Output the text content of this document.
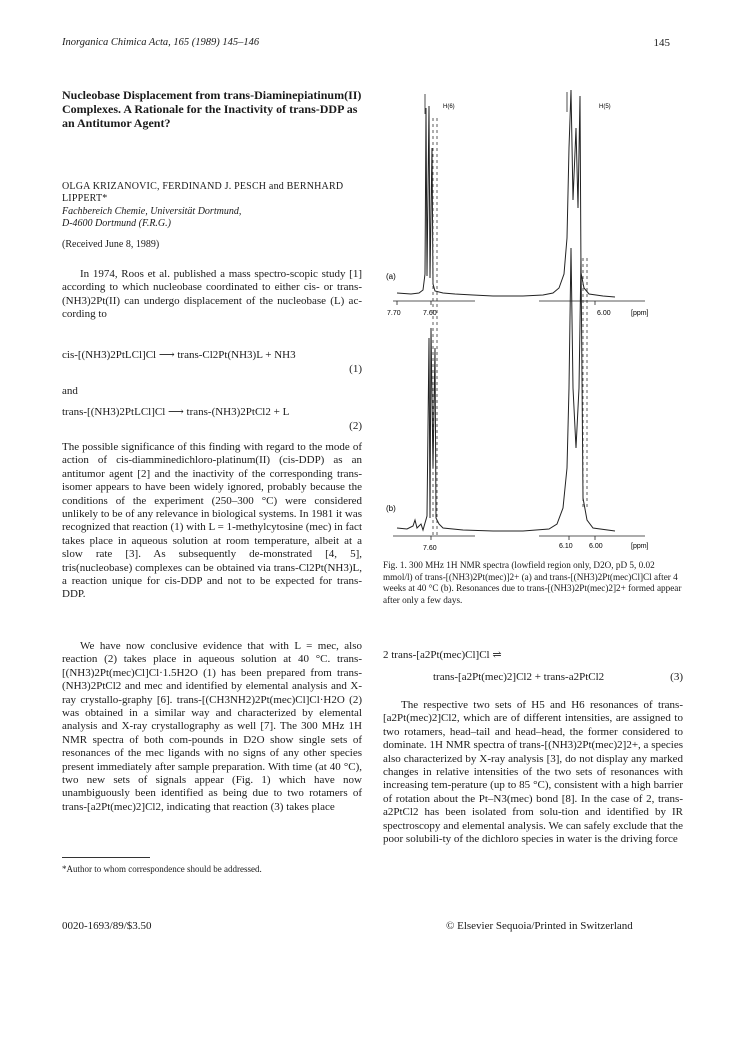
Inorganica Chimica Acta, 165 (1989) 145–146	145
Nucleobase Displacement from trans-Diaminepiatinum(II) Complexes. A Rationale for the Inactivity of trans-DDP as an Antitumor Agent?
OLGA KRIZANOVIC, FERDINAND J. PESCH and BERNHARD LIPPERT*
Fachbereich Chemie, Universität Dortmund,
D-4600 Dortmund (F.R.G.)
(Received June 8, 1989)
In 1974, Roos et al. published a mass spectro-scopic study [1] according to which nucleobase coordinated to either cis- or trans-(NH3)2Pt(II) can undergo displacement of the nucleobase (L) ac-cording to
cis-[(NH3)2PtLCl]Cl ⟶ trans-Cl2Pt(NH3)L + NH3
(1)
and
trans-[(NH3)2PtLCl]Cl ⟶ trans-(NH3)2PtCl2 + L
(2)
The possible significance of this finding with regard to the mode of action of cis-diamminedichloro-platinum(II) (cis-DDP) as an antitumor agent [2] and the inactivity of the corresponding trans-isomer appears to have been widely ignored, probably because the conditions of the experiment (250–300 °C) were considered unlikely to be of any relevance in biological systems. In 1981 it was recognized that reaction (1) with L = 1-methylcytosine (mec) in fact takes place in aqueous solution at room temperature, albeit at a slow rate [3]. As subsequently de-monstrated [4, 5], tris(nucleobase) complexes can be obtained via trans-Cl2Pt(NH3)L, a reaction unique for cis-DDP and not to be expected for trans-DDP.
We have now conclusive evidence that with L = mec, also reaction (2) takes place in aqueous solution at 40 °C. trans-[(NH3)2Pt(mec)Cl]Cl·1.5H2O (1) has been prepared from trans-(NH3)2PtCl2 and mec and identified by elemental analysis and X-ray crystallo-graphy [6]. trans-[(CH3NH2)2Pt(mec)Cl]Cl·H2O (2) was obtained in a similar way and characterized by elemental analysis and X-ray crystallography as well [7]. The 300 MHz 1H NMR spectra of both com-pounds in D2O show single sets of resonances of the mec ligands with no signs of any other species present immediately after sample preparation. With time (at 40 °C), two new sets of signals appear (Fig. 1) which have now unambiguously been identified as being due to two rotamers of trans-[a2Pt(mec)2]Cl2, indicating that reaction (3) takes place
*Author to whom correspondence should be addressed.
0020-1693/89/$3.50
H(6)	H(5)
(a)
7.70	7.60	6.00	[ppm]
(b)
7.60	6.10 6.00	[ppm]
Fig. 1. 300 MHz 1H NMR spectra (lowfield region only, D2O, pD 5, 0.02 mmol/l) of trans-[(NH3)2Pt(mec)]2+ (a) and trans-[(NH3)2Pt(mec)Cl]Cl after 4 weeks at 40 °C (b). Resonances due to trans-[(NH3)2Pt(mec)2]2+ formed appear after only a few days.
2 trans-[a2Pt(mec)Cl]Cl ⇌
trans-[a2Pt(mec)2]Cl2 + trans-a2PtCl2	(3)
The respective two sets of H5 and H6 resonances of trans-[a2Pt(mec)2]Cl2, which are of different intensities, are assigned to two rotamers, head–tail and head–head, the former considered to dominate. 1H NMR spectra of trans-[(NH3)2Pt(mec)2]2+, a species also characterized by X-ray analysis [3], do not display any marked changes in relative intensities of the two sets of resonances with increasing tem-perature (up to 85 °C), consistent with a high barrier of rotation about the Pt–N3(mec) bond [8]. In the case of 2, trans-a2PtCl2 has been isolated from solu-tion and identified by IR spectroscopy and elemental analysis. We can safely exclude that the poor solubili-ty of the dichloro species in water is the driving force
© Elsevier Sequoia/Printed in Switzerland
